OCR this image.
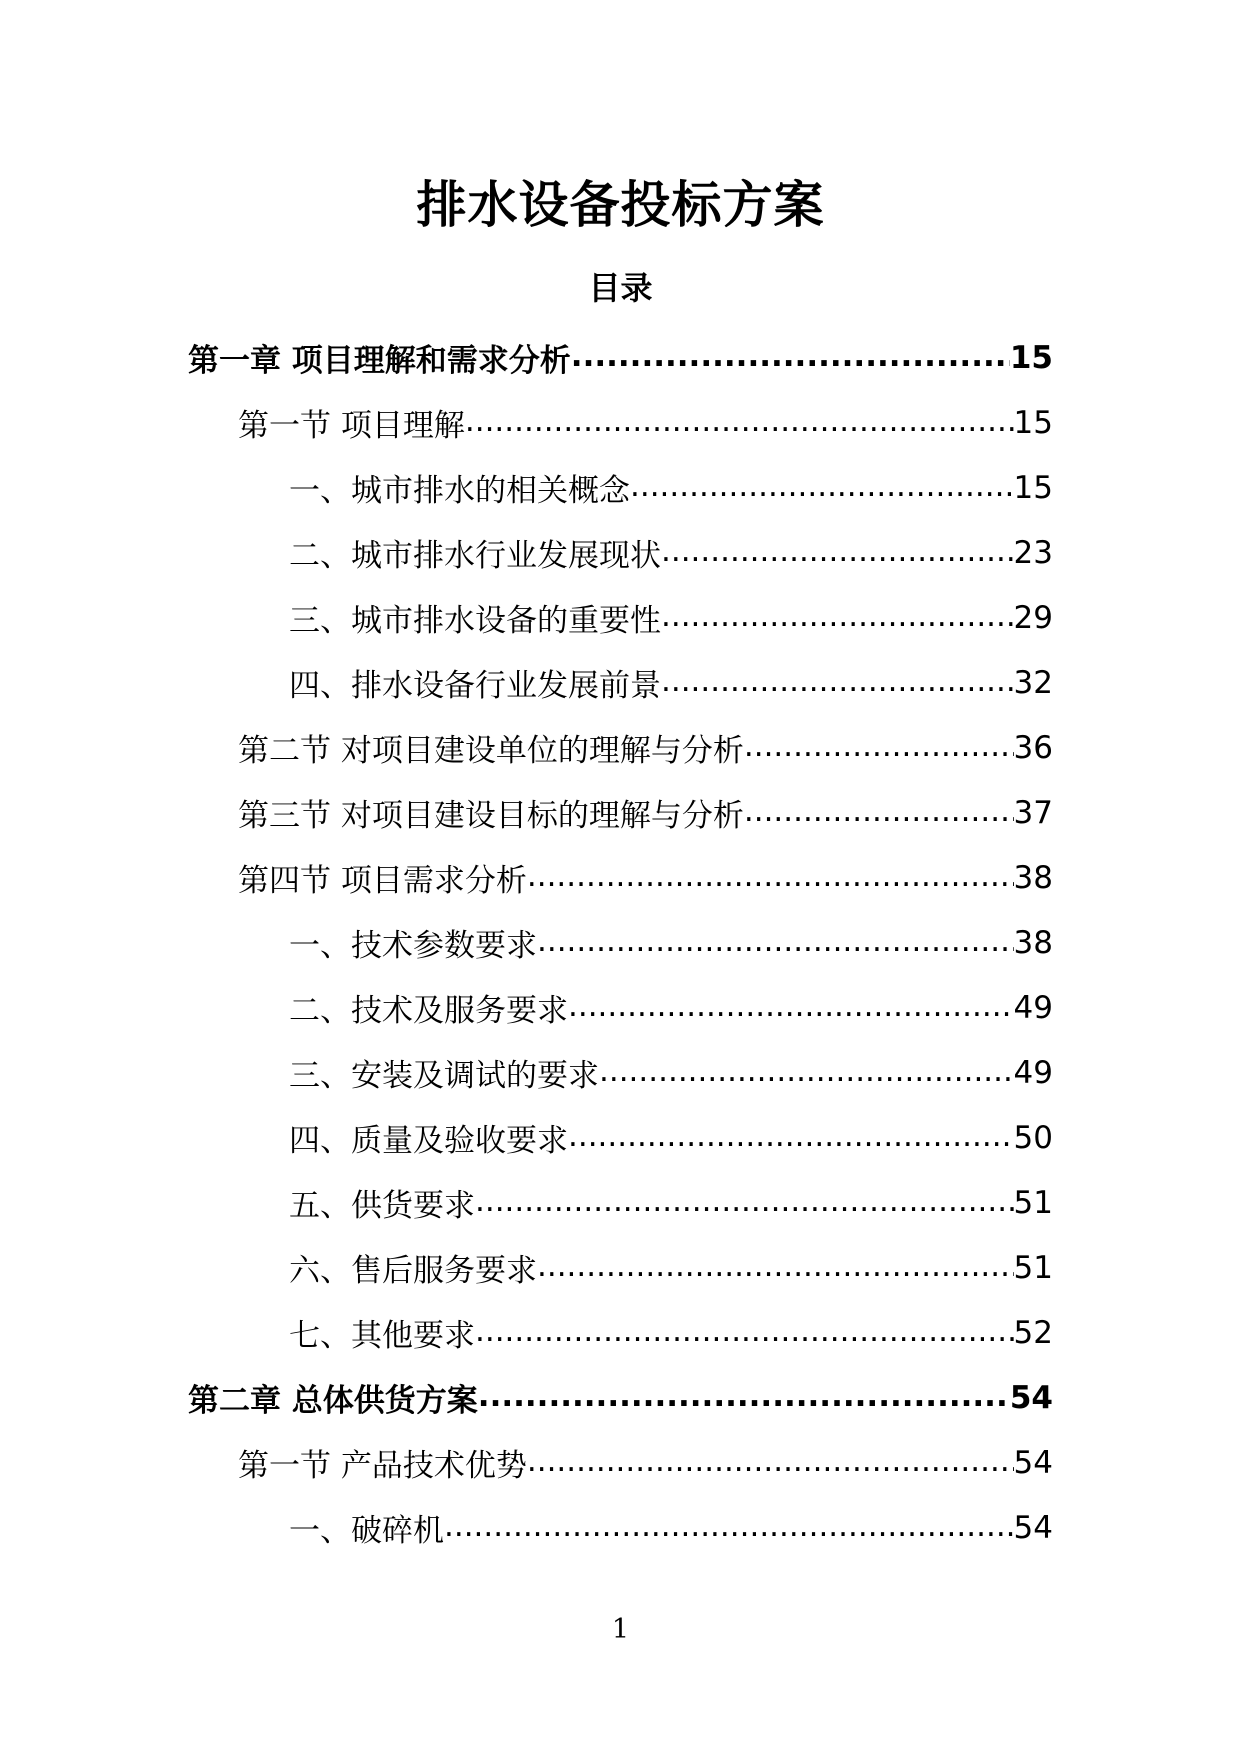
排水设备投标方案
目录
第一章 项目理解和需求分析 .....	15
第一节 项目理解 .....	15
一、城市排水的相关概念 .....	15
二、城市排水行业发展现状 .....	23
三、城市排水设备的重要性 .....	29
四、排水设备行业发展前景 .....	32
第二节 对项目建设单位的理解与分析 .....	36
第三节 对项目建设目标的理解与分析 .....	37
第四节 项目需求分析 .....	38
一、技术参数要求 .....	38
二、技术及服务要求 .....	49
三、安装及调试的要求 .....	49
四、质量及验收要求 .....	50
五、供货要求 .....	51
六、售后服务要求 .....	51
七、其他要求 .....	52
第二章 总体供货方案 .....	54
第一节 产品技术优势 .....	54
一、破碎机 .....	54
1
